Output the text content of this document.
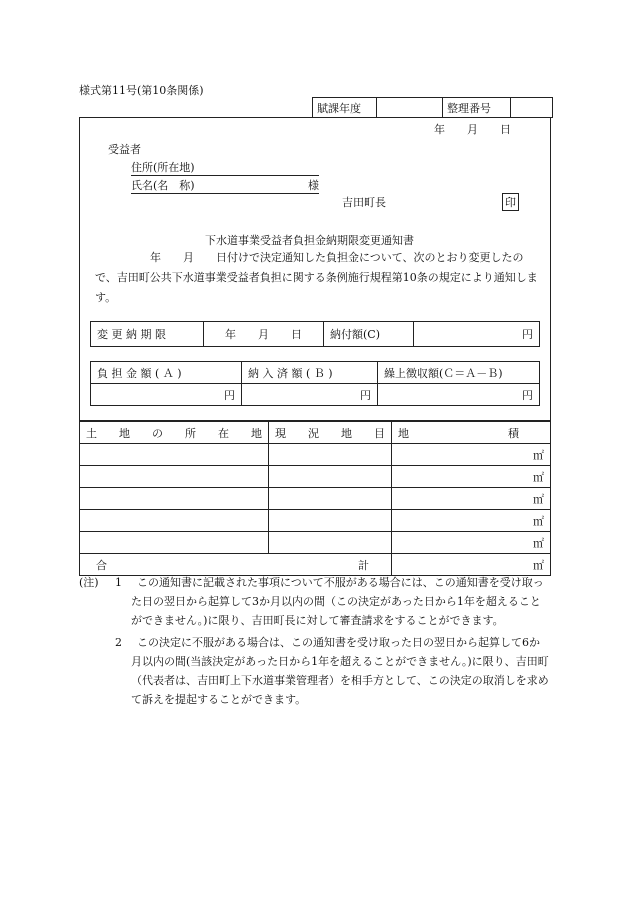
様式第11号(第10条関係)
賦課年度		整理番号	
年　　月　　日
受益者
住所(所在地)
氏名(名　称)	様
吉田町長	印
下水道事業受益者負担金納期限変更通知書
　　　　　年　　月　　日付けで決定通知した負担金について、次のとおり変更したので、吉田町公共下水道事業受益者負担に関する条例施行規程第10条の規定により通知します。
変 更 納 期 限	年　　月　　日	納付額(C)	円
負 担 金 額 ( Ａ )	納 入 済 額 ( Ｂ )	繰上徴収額(Ｃ＝Ａ－Ｂ)
円	円	円
土　　地　　の　　所　　在　　地	現　　況　　地　　目	地　　　　　　　　　積
		㎡
		㎡
		㎡
		㎡
		㎡
合 計		㎡
(注)	1	この通知書に記載された事項について不服がある場合には、この通知書を受け取った日の翌日から起算して3か月以内の間（この決定があった日から1年を超えることができません。)に限り、吉田町長に対して審査請求をすることができます。
2	この決定に不服がある場合は、この通知書を受け取った日の翌日から起算して6か月以内の間(当該決定があった日から1年を超えることができません。)に限り、吉田町（代表者は、吉田町上下水道事業管理者）を相手方として、この決定の取消しを求めて訴えを提起することができます。
